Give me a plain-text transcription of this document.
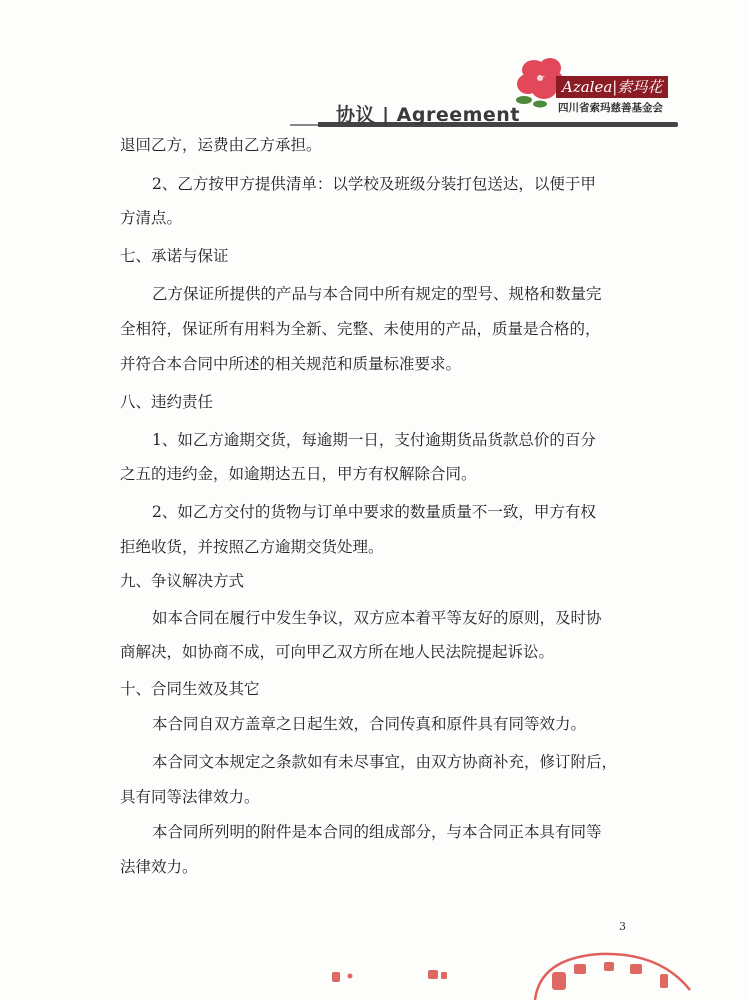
协议 | Agreement
Azalea|索玛花
四川省索玛慈善基金会
退回乙方，运费由乙方承担。
2、乙方按甲方提供清单：以学校及班级分装打包送达，以便于甲
方清点。
七、承诺与保证
乙方保证所提供的产品与本合同中所有规定的型号、规格和数量完
全相符，保证所有用料为全新、完整、未使用的产品，质量是合格的，
并符合本合同中所述的相关规范和质量标准要求。
八、违约责任
1、如乙方逾期交货，每逾期一日，支付逾期货品货款总价的百分
之五的违约金，如逾期达五日，甲方有权解除合同。
2、如乙方交付的货物与订单中要求的数量质量不一致，甲方有权
拒绝收货，并按照乙方逾期交货处理。
九、争议解决方式
如本合同在履行中发生争议，双方应本着平等友好的原则，及时协
商解决，如协商不成，可向甲乙双方所在地人民法院提起诉讼。
十、合同生效及其它
本合同自双方盖章之日起生效，合同传真和原件具有同等效力。
本合同文本规定之条款如有未尽事宜，由双方协商补充，修订附后，
具有同等法律效力。
本合同所列明的附件是本合同的组成部分，与本合同正本具有同等
法律效力。
3
